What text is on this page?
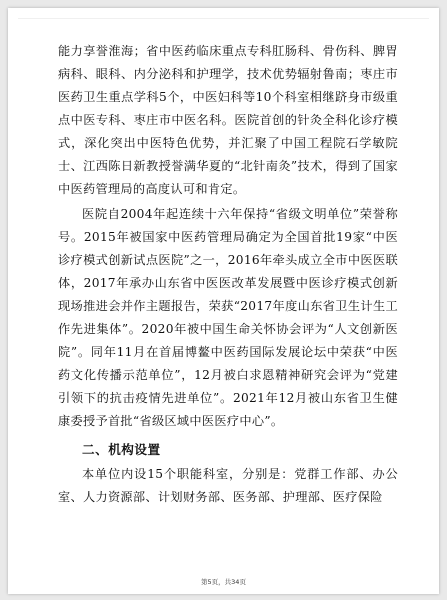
能力享誉淮海；省中医药临床重点专科肛肠科、骨伤科、脾胃病科、眼科、内分泌科和护理学，技术优势辐射鲁南；枣庄市医药卫生重点学科5个，中医妇科等10个科室相继跻身市级重点中医专科、枣庄市中医名科。医院首创的针灸全科化诊疗模式，深化突出中医特色优势，并汇聚了中国工程院石学敏院士、江西陈日新教授誉满华夏的“北针南灸”技术，得到了国家中医药管理局的高度认可和肯定。

医院自2004年起连续十六年保持“省级文明单位”荣誉称号。2015年被国家中医药管理局确定为全国首批19家“中医诊疗模式创新试点医院”之一，2016年牵头成立全市中医医联体，2017年承办山东省中医医改革发展暨中医诊疗模式创新现场推进会并作主题报告，荣获“2017年度山东省卫生计生工作先进集体”。2020年被中国生命关怀协会评为“人文创新医院”。同年11月在首届博鳌中医药国际发展论坛中荣获“中医药文化传播示范单位”，12月被白求恩精神研究会评为“党建引领下的抗击疫情先进单位”。2021年12月被山东省卫生健康委授予首批“省级区域中医医疗中心”。

二、机构设置

本单位内设15个职能科室，分别是：党群工作部、办公室、人力资源部、计划财务部、医务部、护理部、医疗保险

第5页，共34页
